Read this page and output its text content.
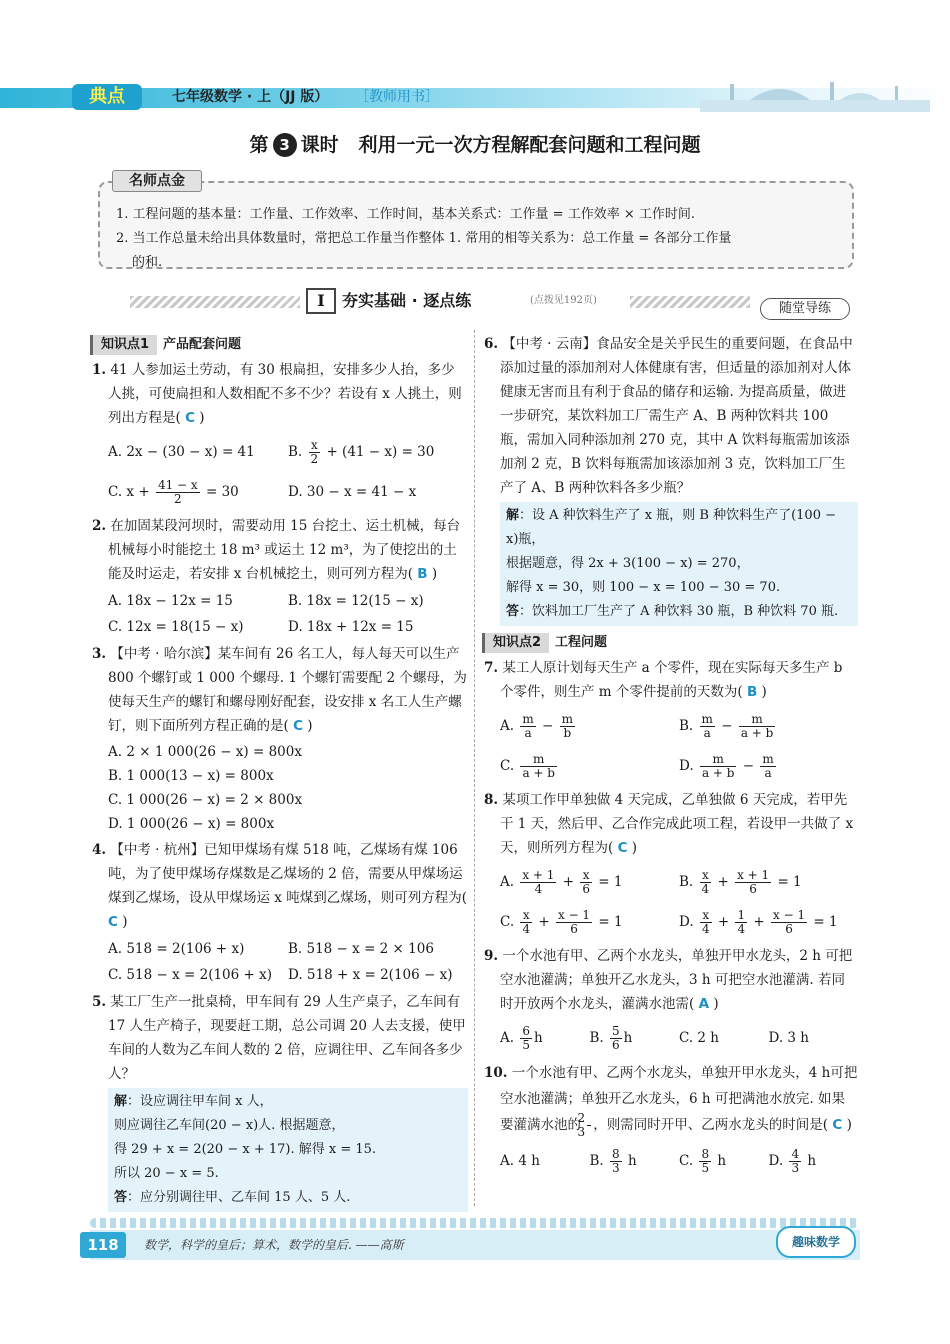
典点	七年级数学 · 上（JJ 版） ［教师用书］
第 3 课时 利用一元一次方程解配套问题和工程问题
名师点金
1. 工程问题的基本量：工作量、工作效率、工作时间，基本关系式：工作量 = 工作效率 × 工作时间.
2. 当工作总量未给出具体数量时，常把总工作量当作整体 1. 常用的相等关系为：总工作量 = 各部分工作量
的和.
I	夯实基础 · 逐点练	(点拨见192页)
随堂导练
知识点1 产品配套问题
1. 41 人参加运土劳动，有 30 根扁担，安排多少人抬，多少人挑，可使扁担和人数相配不多不少？若设有 x 人挑土，则列出方程是( C )
A. 2x − (30 − x) = 41	B. $\frac{x}{2} + (41 - x) = 30$
C. $x + \frac{41 - x}{2} = 30$	D. 30 − x = 41 − x
2. 在加固某段河坝时，需要动用 15 台挖土、运土机械，每台机械每小时能挖土 18 m³ 或运土 12 m³，为了使挖出的土能及时运走，若安排 x 台机械挖土，则可列方程为( B )
A. 18x − 12x = 15	B. 18x = 12(15 − x)
C. 12x = 18(15 − x)	D. 18x + 12x = 15
3. 【中考 · 哈尔滨】某车间有 26 名工人，每人每天可以生产 800 个螺钉或 1 000 个螺母. 1 个螺钉需要配 2 个螺母，为使每天生产的螺钉和螺母刚好配套，设安排 x 名工人生产螺钉，则下面所列方程正确的是( C )
A. 2 × 1 000(26 − x) = 800x
B. 1 000(13 − x) = 800x
C. 1 000(26 − x) = 2 × 800x
D. 1 000(26 − x) = 800x
4. 【中考 · 杭州】已知甲煤场有煤 518 吨，乙煤场有煤 106 吨，为了使甲煤场存煤数是乙煤场的 2 倍，需要从甲煤场运煤到乙煤场，设从甲煤场运 x 吨煤到乙煤场，则可列方程为( C )
A. 518 = 2(106 + x)	B. 518 − x = 2 × 106
C. 518 − x = 2(106 + x)	D. 518 + x = 2(106 − x)
5. 某工厂生产一批桌椅，甲车间有 29 人生产桌子，乙车间有 17 人生产椅子，现要赶工期，总公司调 20 人去支援，使甲车间的人数为乙车间人数的 2 倍，应调往甲、乙车间各多少人？
解：设应调往甲车间 x 人，
则应调往乙车间(20 − x)人. 根据题意，
得 29 + x = 2(20 − x + 17). 解得 x = 15.
所以 20 − x = 5.
答：应分别调往甲、乙车间 15 人、5 人.
6. 【中考 · 云南】食品安全是关乎民生的重要问题，在食品中添加过量的添加剂对人体健康有害，但适量的添加剂对人体健康无害而且有利于食品的储存和运输. 为提高质量，做进一步研究，某饮料加工厂需生产 A、B 两种饮料共 100 瓶，需加入同种添加剂 270 克，其中 A 饮料每瓶需加该添加剂 2 克，B 饮料每瓶需加该添加剂 3 克，饮料加工厂生产了 A、B 两种饮料各多少瓶？
解：设 A 种饮料生产了 x 瓶，则 B 种饮料生产了(100 − x)瓶，
根据题意，得 2x + 3(100 − x) = 270，
解得 x = 30，则 100 − x = 100 − 30 = 70.
答：饮料加工厂生产了 A 种饮料 30 瓶，B 种饮料 70 瓶.
知识点2 工程问题
7. 某工人原计划每天生产 a 个零件，现在实际每天多生产 b 个零件，则生产 m 个零件提前的天数为( B )
A. $\frac{m}{a} - \frac{m}{b}$	B. $\frac{m}{a} - \frac{m}{a + b}$
C. $\frac{m}{a + b}$	D. $\frac{m}{a + b} - \frac{m}{a}$
8. 某项工作甲单独做 4 天完成，乙单独做 6 天完成，若甲先干 1 天，然后甲、乙合作完成此项工程，若设甲一共做了 x 天，则所列方程为( C )
A. $\frac{x + 1}{4} + \frac{x}{6} = 1$	B. $\frac{x}{4} + \frac{x + 1}{6} = 1$
C. $\frac{x}{4} + \frac{x - 1}{6} = 1$	D. $\frac{x}{4} + \frac{1}{4} + \frac{x - 1}{6} = 1$
9. 一个水池有甲、乙两个水龙头，单独开甲水龙头，2 h 可把空水池灌满；单独开乙水龙头，3 h 可把空水池灌满. 若同时开放两个水龙头，灌满水池需( A )
A. $\frac{6}{5}$ h	B. $\frac{5}{6}$ h	C. 2 h	D. 3 h
10. 一个水池有甲、乙两个水龙头，单独开甲水龙头，4 h可把空水池灌满；单独开乙水龙头，6 h 可把满池水放完. 如果要灌满水池的 $\frac{2}{3}$ ，则需同时开甲、乙两水龙头的时间是( C )
A. 4 h	B. $\frac{8}{3}$ h	C. $\frac{8}{5}$ h	D. $\frac{4}{3}$ h
118	数学，科学的皇后；算术，数学的皇后. ——高斯	趣味数学
